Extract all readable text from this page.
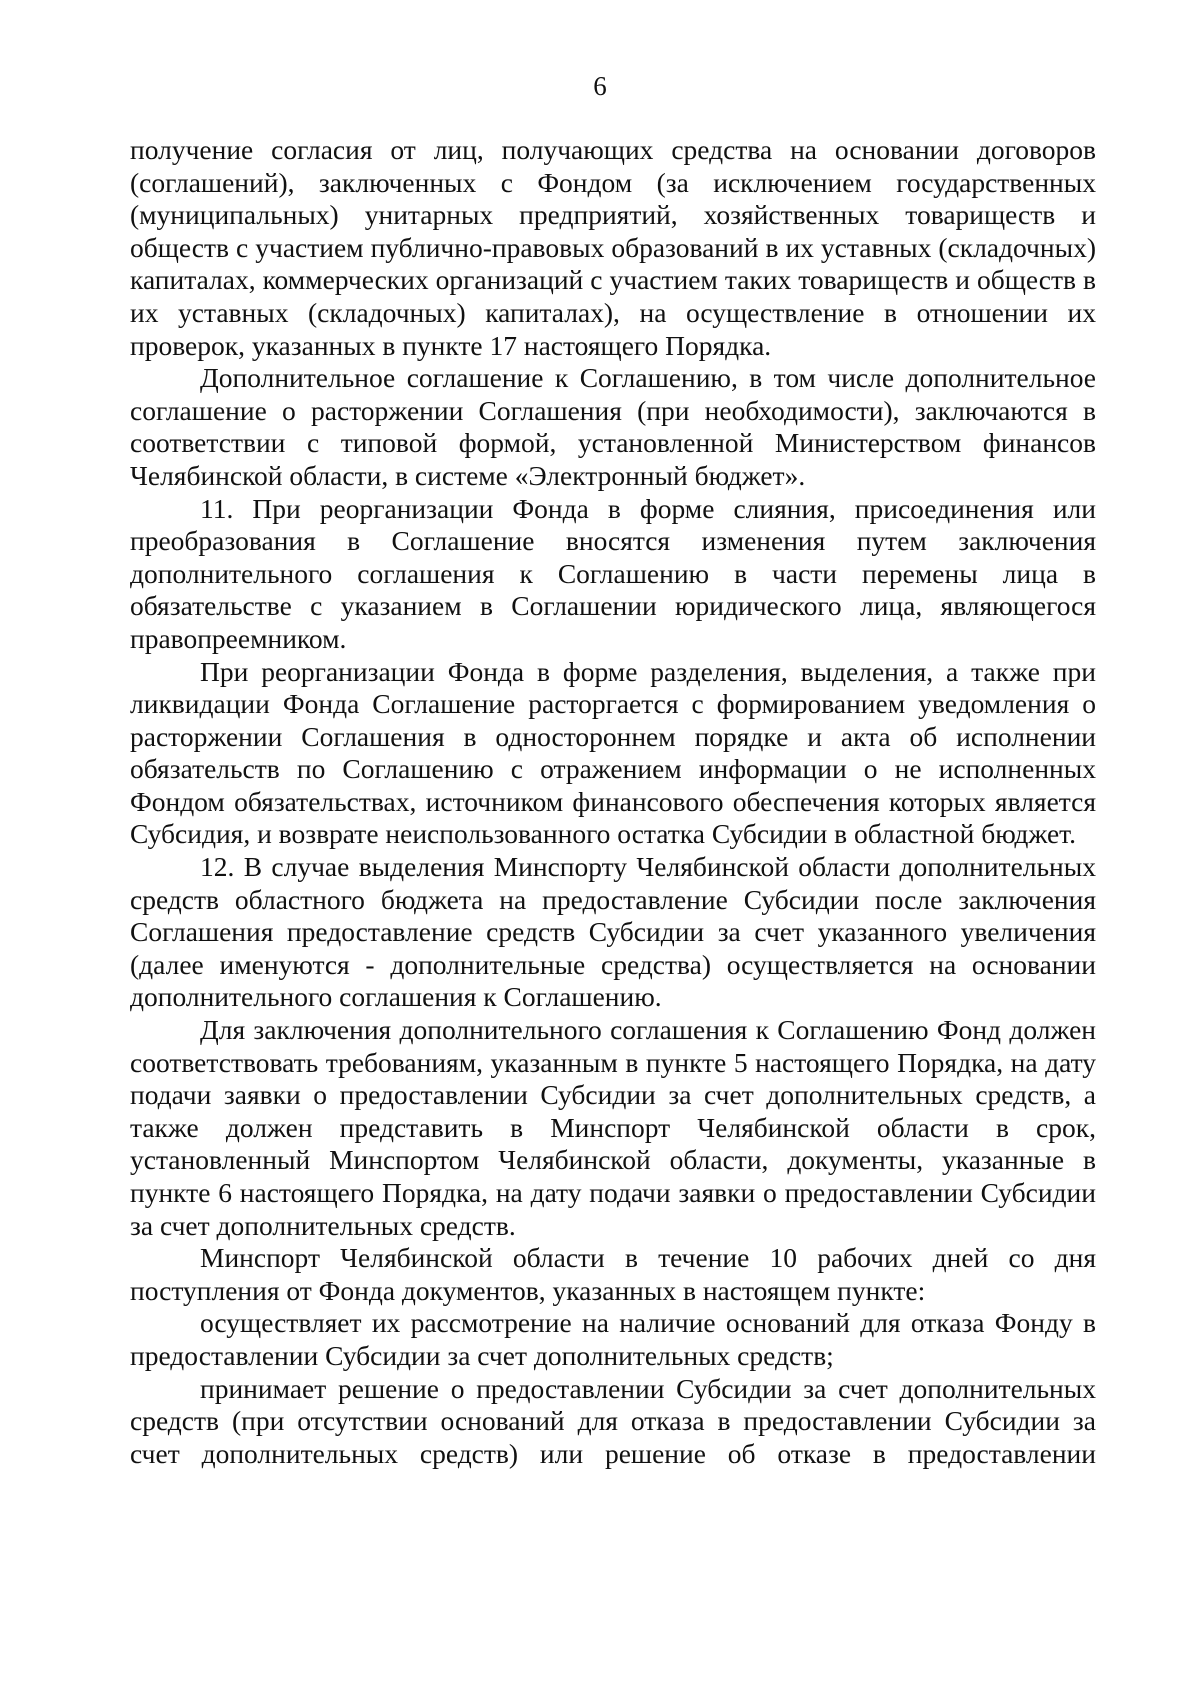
6

получение согласия от лиц, получающих средства на основании договоров (соглашений), заключенных с Фондом (за исключением государственных (муниципальных) унитарных предприятий, хозяйственных товариществ и обществ с участием публично-правовых образований в их уставных (складочных) капиталах, коммерческих организаций с участием таких товариществ и обществ в их уставных (складочных) капиталах), на осуществление в отношении их проверок, указанных в пункте 17 настоящего Порядка.

Дополнительное соглашение к Соглашению, в том числе дополнительное соглашение о расторжении Соглашения (при необходимости), заключаются в соответствии с типовой формой, установленной Министерством финансов Челябинской области, в системе «Электронный бюджет».

11. При реорганизации Фонда в форме слияния, присоединения или преобразования в Соглашение вносятся изменения путем заключения дополнительного соглашения к Соглашению в части перемены лица в обязательстве с указанием в Соглашении юридического лица, являющегося правопреемником.

При реорганизации Фонда в форме разделения, выделения, а также при ликвидации Фонда Соглашение расторгается с формированием уведомления о расторжении Соглашения в одностороннем порядке и акта об исполнении обязательств по Соглашению с отражением информации о не исполненных Фондом обязательствах, источником финансового обеспечения которых является Субсидия, и возврате неиспользованного остатка Субсидии в областной бюджет.

12. В случае выделения Минспорту Челябинской области дополнительных средств областного бюджета на предоставление Субсидии после заключения Соглашения предоставление средств Субсидии за счет указанного увеличения (далее именуются - дополнительные средства) осуществляется на основании дополнительного соглашения к Соглашению.

Для заключения дополнительного соглашения к Соглашению Фонд должен соответствовать требованиям, указанным в пункте 5 настоящего Порядка, на дату подачи заявки о предоставлении Субсидии за счет дополнительных средств, а также должен представить в Минспорт Челябинской области в срок, установленный Минспортом Челябинской области, документы, указанные в пункте 6 настоящего Порядка, на дату подачи заявки о предоставлении Субсидии за счет дополнительных средств.

Минспорт Челябинской области в течение 10 рабочих дней со дня поступления от Фонда документов, указанных в настоящем пункте:

осуществляет их рассмотрение на наличие оснований для отказа Фонду в предоставлении Субсидии за счет дополнительных средств;

принимает решение о предоставлении Субсидии за счет дополнительных средств (при отсутствии оснований для отказа в предоставлении Субсидии за счет дополнительных средств) или решение об отказе в предоставлении
